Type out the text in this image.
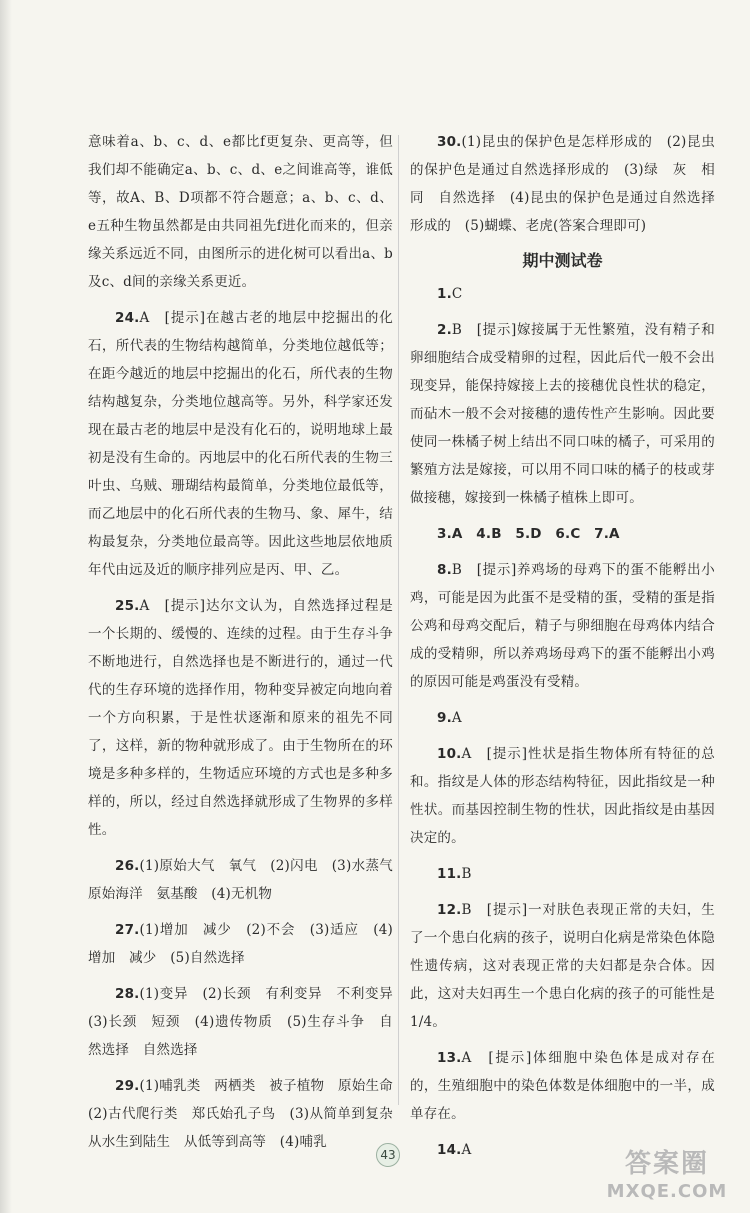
意味着a、b、c、d、e都比f更复杂、更高等，但我们却不能确定a、b、c、d、e之间谁高等，谁低等，故A、B、D项都不符合题意；a、b、c、d、e五种生物虽然都是由共同祖先f进化而来的，但亲缘关系远近不同，由图所示的进化树可以看出a、b及c、d间的亲缘关系更近。

24.A　[提示]在越古老的地层中挖掘出的化石，所代表的生物结构越简单，分类地位越低等；在距今越近的地层中挖掘出的化石，所代表的生物结构越复杂，分类地位越高等。另外，科学家还发现在最古老的地层中是没有化石的，说明地球上最初是没有生命的。丙地层中的化石所代表的生物三叶虫、乌贼、珊瑚结构最简单，分类地位最低等，而乙地层中的化石所代表的生物马、象、犀牛，结构最复杂，分类地位最高等。因此这些地层依地质年代由远及近的顺序排列应是丙、甲、乙。

25.A　[提示]达尔文认为，自然选择过程是一个长期的、缓慢的、连续的过程。由于生存斗争不断地进行，自然选择也是不断进行的，通过一代代的生存环境的选择作用，物种变异被定向地向着一个方向积累，于是性状逐渐和原来的祖先不同了，这样，新的物种就形成了。由于生物所在的环境是多种多样的，生物适应环境的方式也是多种多样的，所以，经过自然选择就形成了生物界的多样性。

26.(1)原始大气　氧气　(2)闪电　(3)水蒸气　原始海洋　氨基酸　(4)无机物

27.(1)增加　减少　(2)不会　(3)适应　(4)增加　减少　(5)自然选择

28.(1)变异　(2)长颈　有利变异　不利变异　(3)长颈　短颈　(4)遗传物质　(5)生存斗争　自然选择　自然选择

29.(1)哺乳类　两栖类　被子植物　原始生命　(2)古代爬行类　郑氏始孔子鸟　(3)从简单到复杂　从水生到陆生　从低等到高等　(4)哺乳

30.(1)昆虫的保护色是怎样形成的　(2)昆虫的保护色是通过自然选择形成的　(3)绿　灰　相同　自然选择　(4)昆虫的保护色是通过自然选择形成的　(5)蝴蝶、老虎(答案合理即可)

期中测试卷

1.C

2.B　[提示]嫁接属于无性繁殖，没有精子和卵细胞结合成受精卵的过程，因此后代一般不会出现变异，能保持嫁接上去的接穗优良性状的稳定，而砧木一般不会对接穗的遗传性产生影响。因此要使同一株橘子树上结出不同口味的橘子，可采用的繁殖方法是嫁接，可以用不同口味的橘子的枝或芽做接穗，嫁接到一株橘子植株上即可。

3.A　4.B　5.D　6.C　7.A

8.B　[提示]养鸡场的母鸡下的蛋不能孵出小鸡，可能是因为此蛋不是受精的蛋，受精的蛋是指公鸡和母鸡交配后，精子与卵细胞在母鸡体内结合成的受精卵，所以养鸡场母鸡下的蛋不能孵出小鸡的原因可能是鸡蛋没有受精。

9.A

10.A　[提示]性状是指生物体所有特征的总和。指纹是人体的形态结构特征，因此指纹是一种性状。而基因控制生物的性状，因此指纹是由基因决定的。

11.B

12.B　[提示]一对肤色表现正常的夫妇，生了一个患白化病的孩子，说明白化病是常染色体隐性遗传病，这对表现正常的夫妇都是杂合体。因此，这对夫妇再生一个患白化病的孩子的可能性是1/4。

13.A　[提示]体细胞中染色体是成对存在的，生殖细胞中的染色体数是体细胞中的一半，成单存在。

14.A

43	答案圈
MXQE.COM
